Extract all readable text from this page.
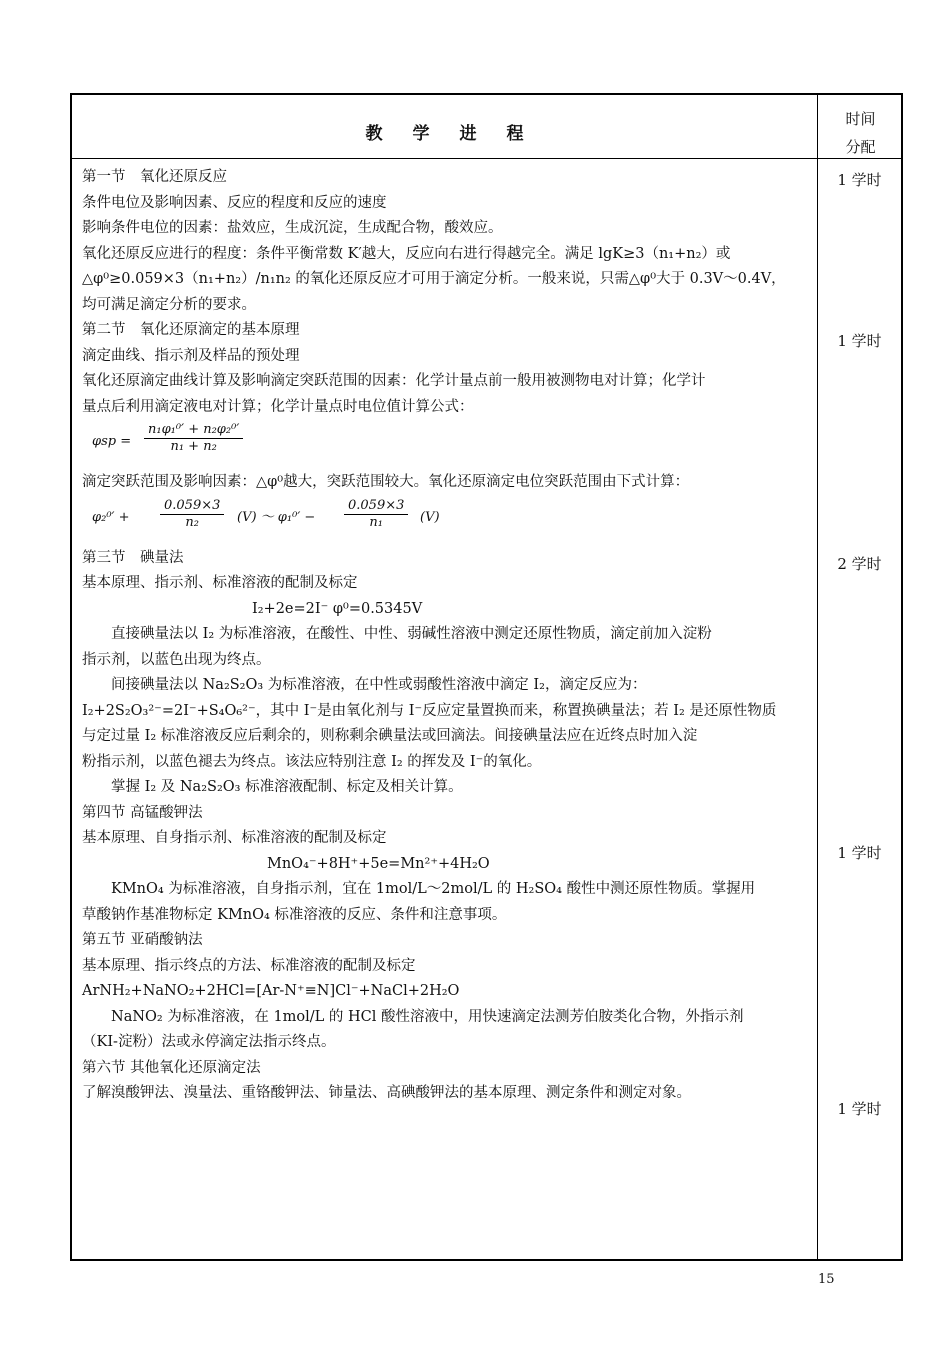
教学进程
时间
分配
1 学时
1 学时
2 学时
1 学时
1 学时

第一节　氧化还原反应

条件电位及影响因素、反应的程度和反应的速度

影响条件电位的因素：盐效应，生成沉淀，生成配合物，酸效应。

氧化还原反应进行的程度：条件平衡常数 K′越大，反应向右进行得越完全。满足 lgK≥3（n₁+n₂）或

△φ⁰≥0.059×3（n₁+n₂）/n₁n₂ 的氧化还原反应才可用于滴定分析。一般来说，只需△φ⁰大于 0.3V～0.4V，

均可满足滴定分析的要求。

第二节　氧化还原滴定的基本原理

滴定曲线、指示剂及样品的预处理

氧化还原滴定曲线计算及影响滴定突跃范围的因素：化学计量点前一般用被测物电对计算；化学计

量点后利用滴定液电对计算；化学计量点时电位值计算公式：

$\varphi sp = \frac{\text{n₁φ₁⁰′ + n₂φ₂⁰′}}{\text{n₁ + n₂}}$

滴定突跃范围及影响因素：△φ⁰越大，突跃范围较大。氧化还原滴定电位突跃范围由下式计算：

$\varphi_2^0' + \frac{0.059\times 3}{\text{n₂}} (V)$ ～ $\varphi_1^0' - \frac{0.059\times 3}{\text{n₁}} (V)$

第三节　碘量法

基本原理、指示剂、标准溶液的配制及标定

I₂+2e=2I⁻ φ⁰=0.5345V

直接碘量法以 I₂ 为标准溶液，在酸性、中性、弱碱性溶液中测定还原性物质，滴定前加入淀粉

指示剂，以蓝色出现为终点。

间接碘量法以 Na₂S₂O₃ 为标准溶液，在中性或弱酸性溶液中滴定 I₂，滴定反应为：

I₂+2S₂O₃²⁻=2I⁻+S₄O₆²⁻，其中 I⁻是由氧化剂与 I⁻反应定量置换而来，称置换碘量法；若 I₂ 是还原性物质

与定过量 I₂ 标准溶液反应后剩余的，则称剩余碘量法或回滴法。间接碘量法应在近终点时加入淀

粉指示剂，以蓝色褪去为终点。该法应特别注意 I₂ 的挥发及 I⁻的氧化。

掌握 I₂ 及 Na₂S₂O₃ 标准溶液配制、标定及相关计算。

第四节 高锰酸钾法

基本原理、自身指示剂、标准溶液的配制及标定

MnO₄⁻+8H⁺+5e=Mn²⁺+4H₂O

KMnO₄ 为标准溶液，自身指示剂，宜在 1mol/L～2mol/L 的 H₂SO₄ 酸性中测还原性物质。掌握用

草酸钠作基准物标定 KMnO₄ 标准溶液的反应、条件和注意事项。

第五节 亚硝酸钠法

基本原理、指示终点的方法、标准溶液的配制及标定

ArNH₂+NaNO₂+2HCl=[Ar-N⁺≡N]Cl⁻+NaCl+2H₂O

NaNO₂ 为标准溶液，在 1mol/L 的 HCl 酸性溶液中，用快速滴定法测芳伯胺类化合物，外指示剂

（KI-淀粉）法或永停滴定法指示终点。

第六节 其他氧化还原滴定法

了解溴酸钾法、溴量法、重铬酸钾法、铈量法、高碘酸钾法的基本原理、测定条件和测定对象。

15
